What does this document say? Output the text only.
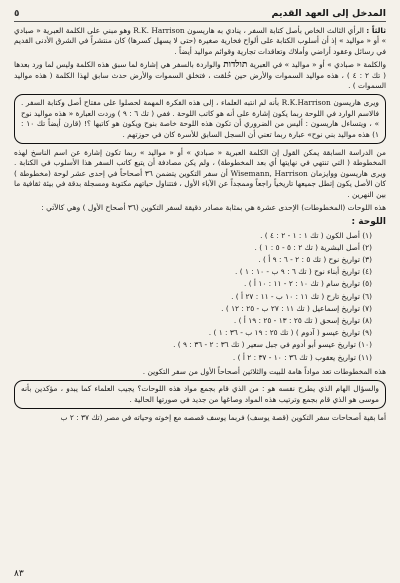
المدخل إلى العهد القديم
٥

ثالثاً : الرأي الثالث الخاص بأصل كتابة السفر ، ينادي به هاريسون R.K. Harrison وهو مبني على الكلمة العبرية « صبادي » أو « مواليد » إذ أن أسلوب الكتابة على ألواح فخارية صغيرة (حتى لا يسهل كسرها) كان منتشراً في الشرق الأدنى القديم في رسائل وعقود أراضي وأملاك وتعاقدات تجارية وقوائم مواليد أيضاً .

والكلمة « صبادي » أو « مواليد » في العبرية תולדות والواردة بالسفر هي إشارة لما سبق هذه الكلمة وليس لما ورد بعدها ( تك ٢ : ٤ ) ، هذه مواليد السموات والأرض حين خُلقت ، فتخلق السموات والأرض حدث سابق لهذا الكلمة ( هذه مواليد السموات ) .

ويرى هاريسون R.K.Harrison بأنه لم انتبه العلماء ، إلى هذه الفكرة المهمة لحصلوا على مفتاح أصل وكتابة السفر . فالاسم الوارد في اللوحة ربما يكون إشارة على أنه هو كاتب اللوحة . ففي ( تك ٦ : ٩ ) وردت العبارة « هذه مواليد نوح » ، ويتساءل هاريسون : أليس من الضروري أن تكون هذه اللوحة خاصة بنوح ويكون هو كاتبها ؟! (قارن أيضاً تك ١٠ : ١) هذه مواليد بني نوح» عبارة ربما تعني أن السجل السابق للأسرة كان في حوزتهم .

من الدراسة السابقة يمكن القول إن الكلمة العبرية « صبادي » أو « مواليد » ربما تكون إشارة عن اسم الناسخ لهذه المخطوطة ( التي تنتهي في نهايتها أي بعد المخطوطة) ، ولم يكن مصادفة أن يتبع كاتب السفر هذا الأسلوب في الكتابة . ويرى هاريسون ووايزمان Wisemann, Harrison أن سفر التكوين يتضمن ٣٦ أصحاحاً في إحدى عشر لوحة (مخطوطة ) كان الأصل يكون إتطل جميعها تاريخياً راجعاً وممجداً عن الآباء الأول ، فتتناول حياتهم مكتوبة ومسجلة بدقة في بيئة ثقافية ما بين النهرين .

هذه اللوحات (المخطوطات) الإحدى عشرة هي بمثابة مصادر دقيقة لسفر التكوين (٣٦ أصحاح الأول ) وهي كالآتي :

اللوحة :
(١) أصل الكون ( تك ١ : ١ - ٢ : ٤ ) .
(٢) أصل البشرية ( تك ٢ : ٥ - ٥ : ١ ) .
(٣) تواريخ نوح ( تك ٥ : ٢ - ٦ : ٩ أ ) .
(٤) تواريخ أبناء نوح ( تك ٦ : ٩ ب - ١٠ : ١ ) .
(٥) تواريخ سام ( تك ١٠ : ٢ - ١١ : ١٠ أ ) .
(٦) تواريخ تارح ( تك ١١ : ١٠ ب - ١١ : ٢٧ أ ) .
(٧) تواريخ إسماعيل ( تك ١١ : ٢٧ ب - ٢٥ : ١٢ ) .
(٨) تواريخ إسحق ( تك ٢٥ : ١٣ - ٢٥ : ١٩ أ ) .
(٩) تواريخ عيسو ( آدوم ) ( تك ٢٥ : ١٩ ب - ٣٦ : ١ ) .
(١٠) تواريخ عيسو أبو أدوم في جبل سعير ( تك ٣٦ : ٢ - ٣٦ : ٩ ) .
(١١) تواريخ يعقوب ( تك ٣٦ : ١٠ - ٣٧ : ٢ أ ) .

هذه المخطوطات تعد مواداً هامة للبيت والثلاثين أصحاحاً الأول من سفر التكوين .

والسؤال الهام الذي يطرح نفسه هو : من الذي قام بجمع مواد هذه اللوحات؟ يجيب العلماء كما يبدو ، مؤكدين بأنه موسى هو الذي قام بجمع وترتيب هذه المواد وصاغها من جديد في صورتها الحالية .

أما بقية أصحاحات سفر التكوين (قصة يوسف) فربما يوسف قصصه مع إخوته وحياته في مصر (تك ٣٧ : ٢ ب

٨٣
